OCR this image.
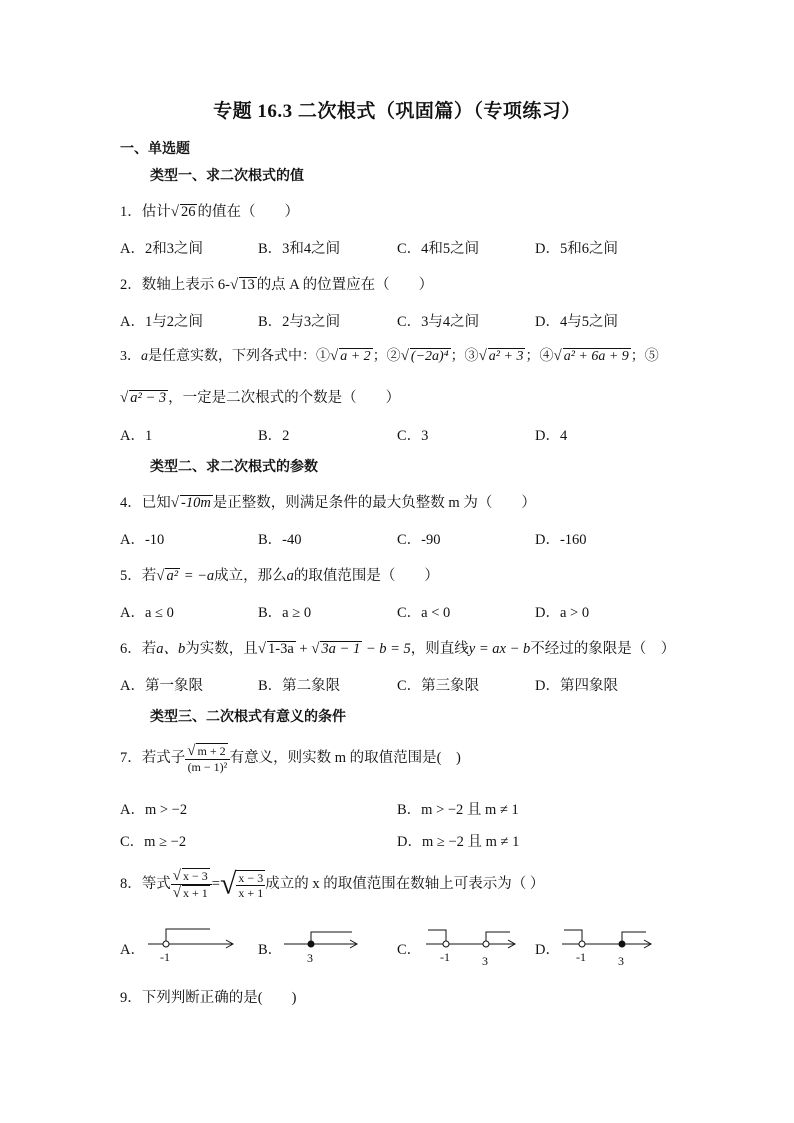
专题 16.3 二次根式（巩固篇）（专项练习）
一、单选题
类型一、求二次根式的值
1．估计√ 26 的值在（　　）
A．2和3之间	B．3和4之间	C．4和5之间	D．5和6之间
2．数轴上表示 6-√ 13 的点 A 的位置应在（　　）
A．1与2之间	B．2与3之间	C．3与4之间	D．4与5之间
3．a是任意实数，下列各式中：①√ a + 2 ；②√ (−2a)⁴ ；③√ a² + 3 ；④√ a² + 6a + 9 ；⑤
√ a² − 3 ，一定是二次根式的个数是（　　）
A．1	B．2	C．3	D．4
类型二、求二次根式的参数
4．已知√ -10m 是正整数，则满足条件的最大负整数 m 为（　　）
A．-10	B．-40	C．-90	D．-160
5．若√ a² = −a成立，那么a的取值范围是（　　）
A．a ≤ 0	B．a ≥ 0	C．a < 0	D．a > 0
6．若a、b为实数，且√ 1-3a + √ 3a − 1 − b = 5，则直线y = ax − b不经过的象限是（　）
A．第一象限	B．第二象限	C．第三象限	D．第四象限
类型三、二次根式有意义的条件
7．若式子 $\frac{√ m + 2}{\text{(m − 1)²}}$ 有意义，则实数 m 的取值范围是(　)
A．m > −2	B．m > −2 且 m ≠ 1
C．m ≥ −2	D．m ≥ −2 且 m ≠ 1
8．等式 $\frac{√ x - 3}{√ x + 1}$ =√ $\frac{x - 3}{x + 1}$ 成立的 x 的取值范围在数轴上可表示为（ ）
A． -1	B． 3	C． -1	3
D． -1	3
9．下列判断正确的是(　　)
